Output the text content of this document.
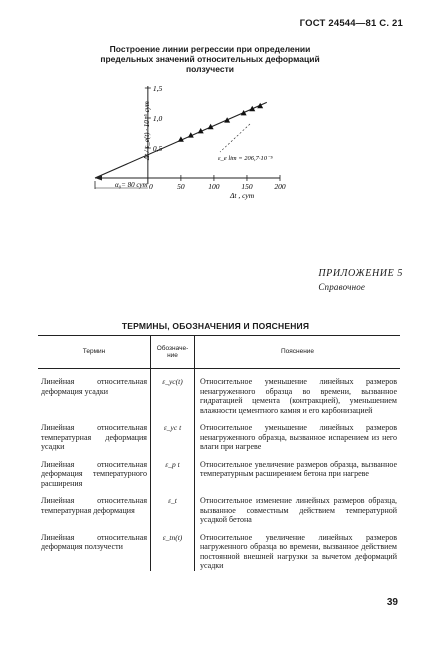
ГОСТ 24544—81 С. 21
Построение линии регрессии при определении
предельных значений относительных деформаций
ползучести
0	50	100	150	200
0,5
1,0
1,5
Δt / ε_e(t) · 10⁻⁵ сут
Δt , сут
α₀= 80 сут
ε_e lim = 206,7·10⁻⁵
ПРИЛОЖЕНИЕ 5
Справочное
ТЕРМИНЫ, ОБОЗНАЧЕНИЯ И ПОЯСНЕНИЯ
Термин	Обозначе-ние	Пояснение
Линейная относительная деформация усадки	ε_yc(t)	Относительное уменьшение линейных размеров ненагруженного образца во времени, вызванное гидратацией цемента (контракцией), уменьшением влажности цементного камня и его карбонизацией
Линейная относительная температурная деформация усадки	ε_yc t	Относительное уменьшение линейных размеров ненагруженного образца, вызванное испарением из него влаги при нагреве
Линейная относительная деформация температурного расширения	ε_p t	Относительное увеличение размеров образца, вызванное температурным расширением бетона при нагреве
Линейная относительная температурная деформация	ε_t	Относительное изменение линейных размеров образца, вызванное совместным действием температурной усадкой бетона
Линейная относительная деформация ползучести	ε_tn(t)	Относительное увеличение линейных размеров нагруженного образца во времени, вызванное действием постоянной внешней нагрузки за вычетом деформаций усадки
39
